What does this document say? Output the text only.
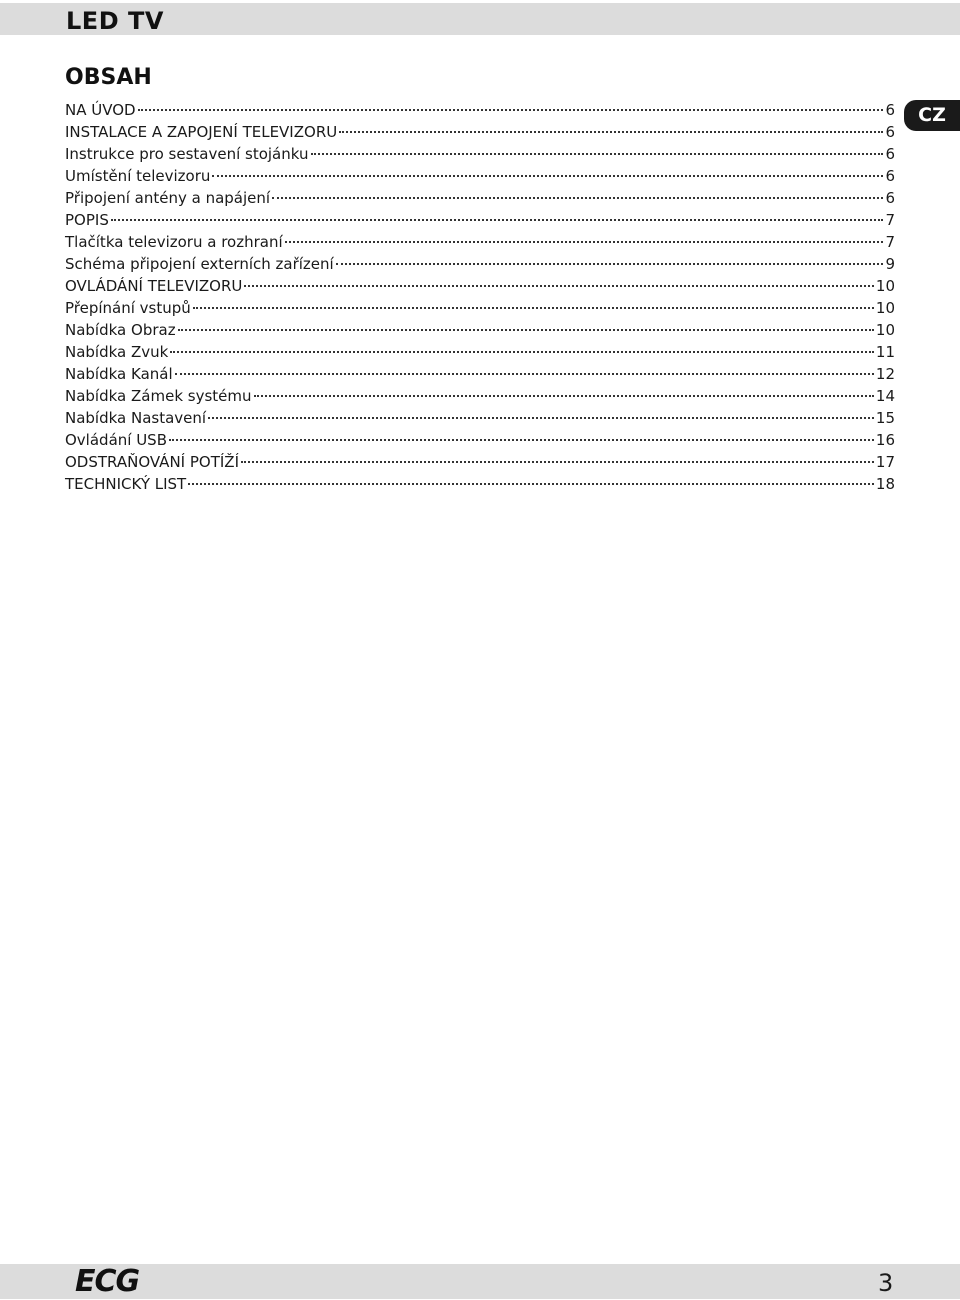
LED TV
CZ
OBSAH
NA ÚVOD	6
INSTALACE A ZAPOJENÍ TELEVIZORU	6
Instrukce pro sestavení stojánku	6
Umístění televizoru	6
Připojení antény a napájení	6
POPIS	7
Tlačítka televizoru a rozhraní	7
Schéma připojení externích zařízení	9
OVLÁDÁNÍ TELEVIZORU	10
Přepínání vstupů	10
Nabídka Obraz	10
Nabídka Zvuk	11
Nabídka Kanál	12
Nabídka Zámek systému	14
Nabídka Nastavení	15
Ovládání USB	16
ODSTRAŇOVÁNÍ POTÍŽÍ	17
TECHNICKÝ LIST	18
ECG	3
